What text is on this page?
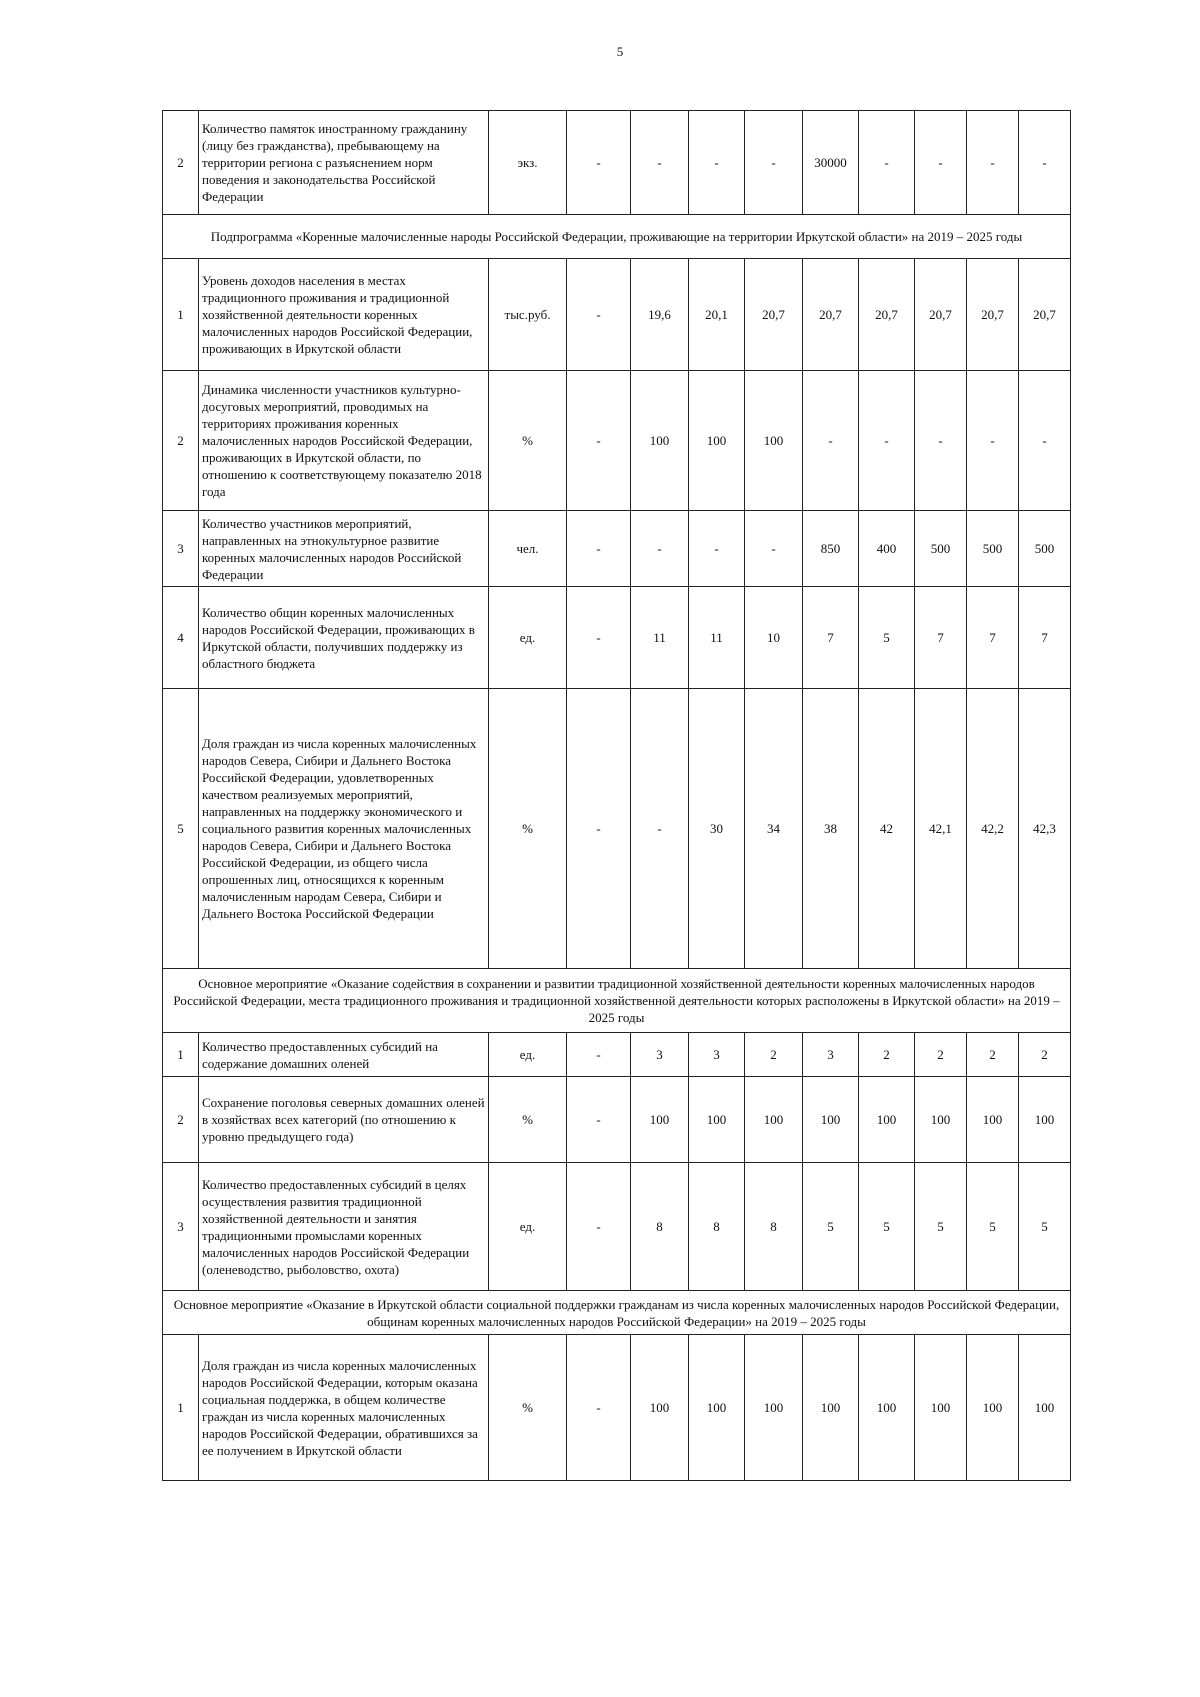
5
2	Количество памяток иностранному гражданину (лицу без гражданства), пребывающему на территории региона с разъяснением норм поведения и законодательства Российской Федерации	экз.	-	-	-	-	30000	-	-	-	-
Подпрограмма «Коренные малочисленные народы Российской Федерации, проживающие на территории Иркутской области» на 2019 – 2025 годы											
1	Уровень доходов населения в местах традиционного проживания и традиционной хозяйственной деятельности коренных малочисленных народов Российской Федерации, проживающих в Иркутской области	тыс.руб.	-	19,6	20,1	20,7	20,7	20,7	20,7	20,7	20,7
2	Динамика численности участников культурно-досуговых мероприятий, проводимых на территориях проживания коренных малочисленных народов Российской Федерации, проживающих в Иркутской области, по отношению к соответствующему показателю 2018 года	%	-	100	100	100	-	-	-	-	-
3	Количество участников мероприятий, направленных на этнокультурное развитие коренных малочисленных народов Российской Федерации	чел.	-	-	-	-	850	400	500	500	500
4	Количество общин коренных малочисленных народов Российской Федерации, проживающих в Иркутской области, получивших поддержку из областного бюджета	ед.	-	11	11	10	7	5	7	7	7
5	Доля граждан из числа коренных малочисленных народов Севера, Сибири и Дальнего Востока Российской Федерации, удовлетворенных качеством реализуемых мероприятий, направленных на поддержку экономического и социального развития коренных малочисленных народов Севера, Сибири и Дальнего Востока Российской Федерации, из общего числа опрошенных лиц, относящихся к коренным малочисленным народам Севера, Сибири и Дальнего Востока Российской Федерации	%	-	-	30	34	38	42	42,1	42,2	42,3
Основное мероприятие «Оказание содействия в сохранении и развитии традиционной хозяйственной деятельности коренных малочисленных народов Российской Федерации, места традиционного проживания и традиционной хозяйственной деятельности которых расположены в Иркутской области» на 2019 – 2025 годы											
1	Количество предоставленных субсидий на содержание домашних оленей	ед.	-	3	3	2	3	2	2	2	2
2	Сохранение поголовья северных домашних оленей в хозяйствах всех категорий (по отношению к уровню предыдущего года)	%	-	100	100	100	100	100	100	100	100
3	Количество предоставленных субсидий в целях осуществления развития традиционной хозяйственной деятельности и занятия традиционными промыслами коренных малочисленных народов Российской Федерации (оленеводство, рыболовство, охота)	ед.	-	8	8	8	5	5	5	5	5
Основное мероприятие «Оказание в Иркутской области социальной поддержки гражданам из числа коренных малочисленных народов Российской Федерации, общинам коренных малочисленных народов Российской Федерации» на 2019 – 2025 годы											
1	Доля граждан из числа коренных малочисленных народов Российской Федерации, которым оказана социальная поддержка, в общем количестве граждан из числа коренных малочисленных народов Российской Федерации, обратившихся за ее получением в Иркутской области	%	-	100	100	100	100	100	100	100	100
